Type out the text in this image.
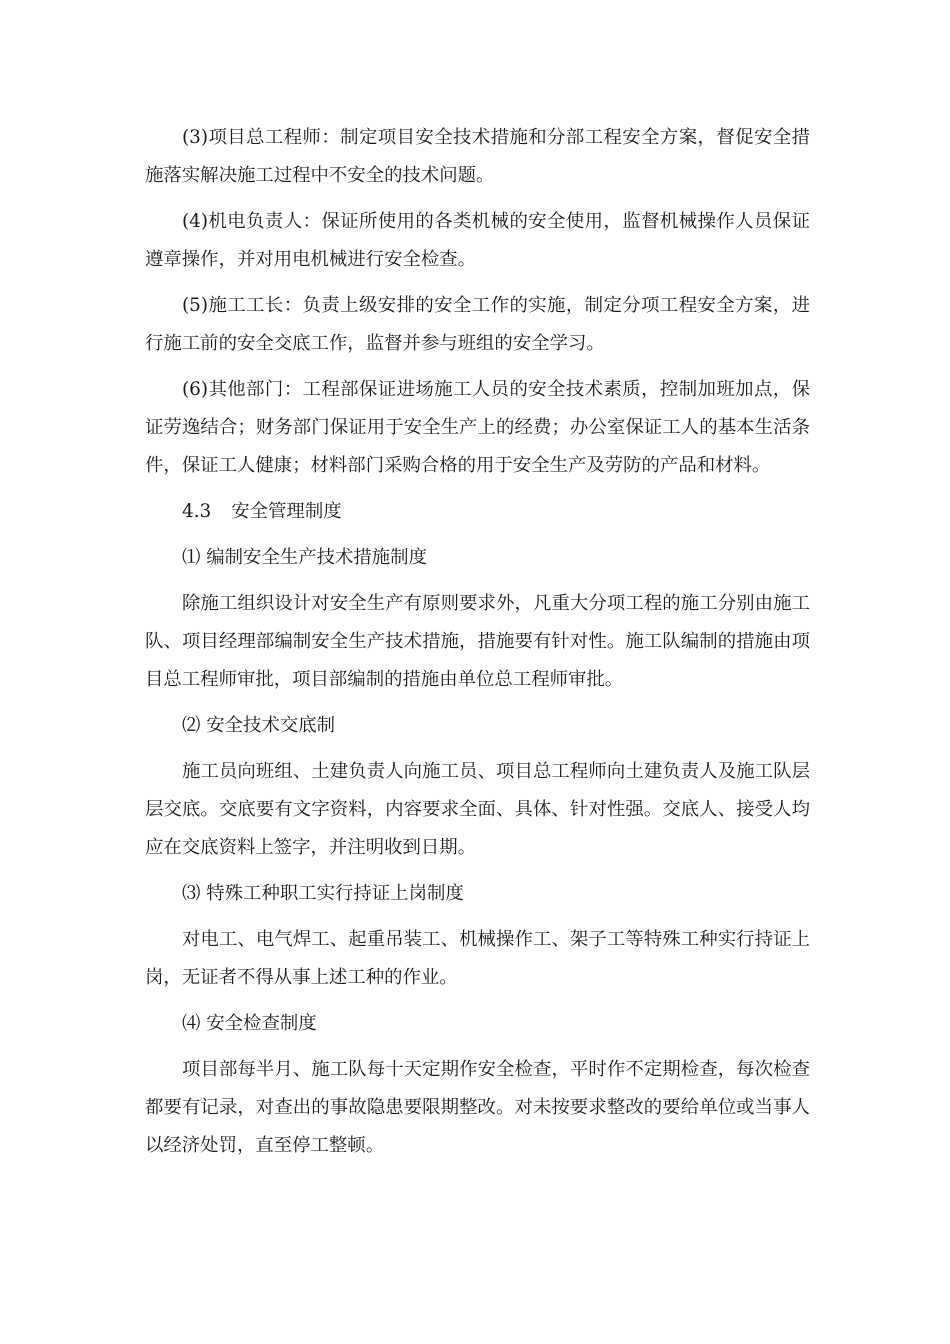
(3)项目总工程师：制定项目安全技术措施和分部工程安全方案，督促安全措施落实解决施工过程中不安全的技术问题。

(4)机电负责人：保证所使用的各类机械的安全使用，监督机械操作人员保证遵章操作，并对用电机械进行安全检查。

(5)施工工长：负责上级安排的安全工作的实施，制定分项工程安全方案，进行施工前的安全交底工作，监督并参与班组的安全学习。

(6)其他部门：工程部保证进场施工人员的安全技术素质，控制加班加点，保证劳逸结合；财务部门保证用于安全生产上的经费；办公室保证工人的基本生活条件，保证工人健康；材料部门采购合格的用于安全生产及劳防的产品和材料。

4.3 安全管理制度

⑴ 编制安全生产技术措施制度

除施工组织设计对安全生产有原则要求外，凡重大分项工程的施工分别由施工队、项目经理部编制安全生产技术措施，措施要有针对性。施工队编制的措施由项目总工程师审批，项目部编制的措施由单位总工程师审批。

⑵ 安全技术交底制

施工员向班组、土建负责人向施工员、项目总工程师向土建负责人及施工队层层交底。交底要有文字资料，内容要求全面、具体、针对性强。交底人、接受人均应在交底资料上签字，并注明收到日期。

⑶ 特殊工种职工实行持证上岗制度

对电工、电气焊工、起重吊装工、机械操作工、架子工等特殊工种实行持证上岗，无证者不得从事上述工种的作业。

⑷ 安全检查制度

项目部每半月、施工队每十天定期作安全检查，平时作不定期检查，每次检查都要有记录，对查出的事故隐患要限期整改。对未按要求整改的要给单位或当事人以经济处罚，直至停工整顿。
